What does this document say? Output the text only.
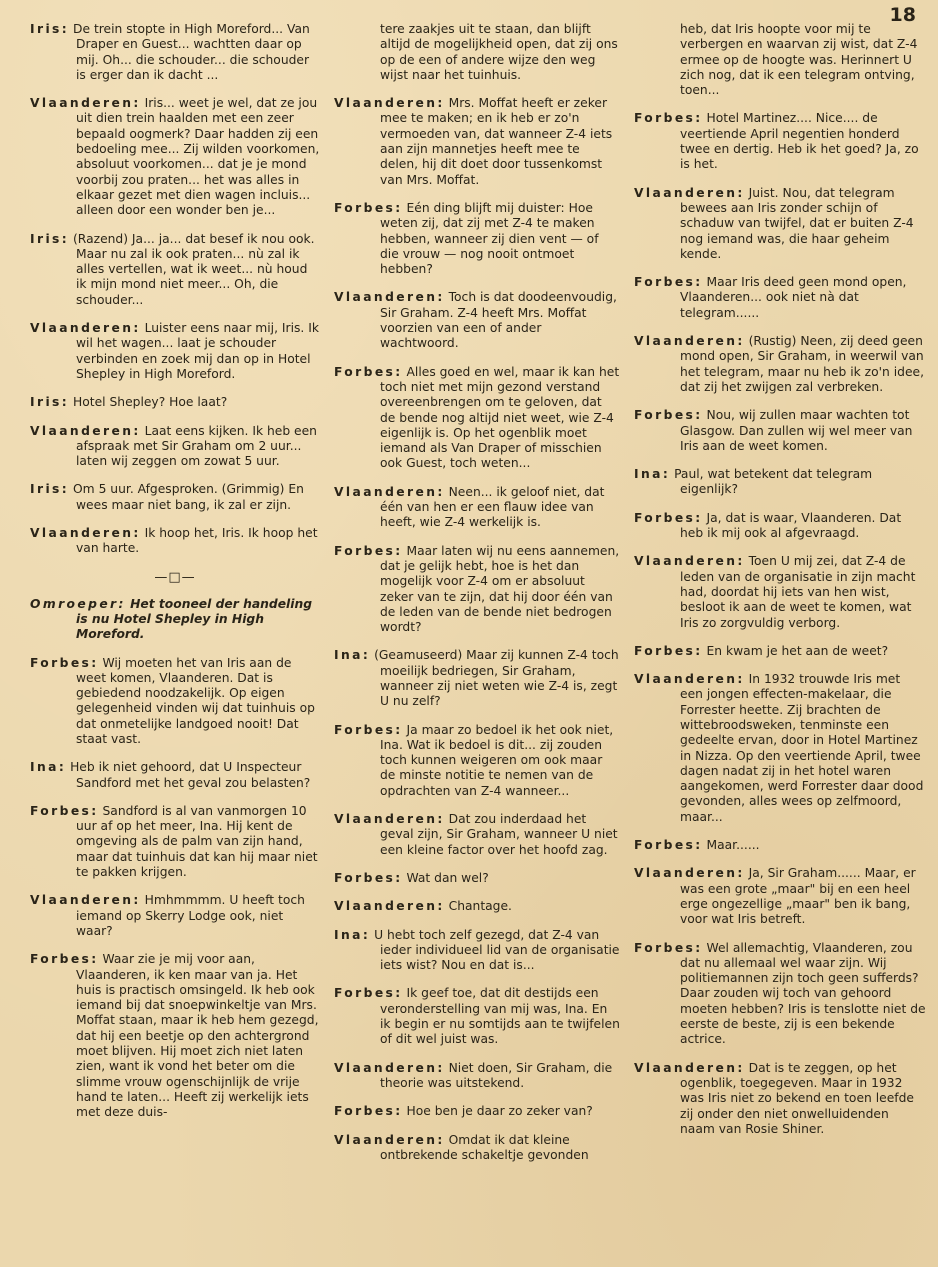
18

Iris: De trein stopte in High Moreford... Van Draper en Guest... wachtten daar op mij. Oh... die schouder... die schouder is erger dan ik dacht ...

Vlaanderen: Iris... weet je wel, dat ze jou uit dien trein haalden met een zeer bepaald oogmerk? Daar hadden zij een bedoeling mee... Zij wilden voorkomen, absoluut voorkomen... dat je je mond voorbij zou praten... het was alles in elkaar gezet met dien wagen incluis... alleen door een wonder ben je...

Iris: (Razend) Ja... ja... dat besef ik nou ook. Maar nu zal ik ook praten... nù zal ik alles vertellen, wat ik weet... nù houd ik mijn mond niet meer... Oh, die schouder...

Vlaanderen: Luister eens naar mij, Iris. Ik wil het wagen... laat je schouder verbinden en zoek mij dan op in Hotel Shepley in High Moreford.

Iris: Hotel Shepley? Hoe laat?

Vlaanderen: Laat eens kijken. Ik heb een afspraak met Sir Graham om 2 uur... laten wij zeggen om zowat 5 uur.

Iris: Om 5 uur. Afgesproken. (Grimmig) En wees maar niet bang, ik zal er zijn.

Vlaanderen: Ik hoop het, Iris. Ik hoop het van harte.

—□—

Omroeper: Het tooneel der handeling is nu Hotel Shepley in High Moreford.

Forbes: Wij moeten het van Iris aan de weet komen, Vlaanderen. Dat is gebiedend noodzakelijk. Op eigen gelegenheid vinden wij dat tuinhuis op dat onmetelijke landgoed nooit! Dat staat vast.

Ina: Heb ik niet gehoord, dat U Inspecteur Sandford met het geval zou belasten?

Forbes: Sandford is al van vanmorgen 10 uur af op het meer, Ina. Hij kent de omgeving als de palm van zijn hand, maar dat tuinhuis dat kan hij maar niet te pakken krijgen.

Vlaanderen: Hmhmmmm. U heeft toch iemand op Skerry Lodge ook, niet waar?

Forbes: Waar zie je mij voor aan, Vlaanderen, ik ken maar van ja. Het huis is practisch omsingeld. Ik heb ook iemand bij dat snoepwinkeltje van Mrs. Moffat staan, maar ik heb hem gezegd, dat hij een beetje op den achtergrond moet blijven. Hij moet zich niet laten zien, want ik vond het beter om die slimme vrouw ogenschijnlijk de vrije hand te laten... Heeft zij werkelijk iets met deze duis-

tere zaakjes uit te staan, dan blijft altijd de mogelijkheid open, dat zij ons op de een of andere wijze den weg wijst naar het tuinhuis.

Vlaanderen: Mrs. Moffat heeft er zeker mee te maken; en ik heb er zo'n vermoeden van, dat wanneer Z-4 iets aan zijn mannetjes heeft mee te delen, hij dit doet door tussenkomst van Mrs. Moffat.

Forbes: Eén ding blijft mij duister: Hoe weten zij, dat zij met Z-4 te maken hebben, wanneer zij dien vent — of die vrouw — nog nooit ontmoet hebben?

Vlaanderen: Toch is dat doodeenvoudig, Sir Graham. Z-4 heeft Mrs. Moffat voorzien van een of ander wachtwoord.

Forbes: Alles goed en wel, maar ik kan het toch niet met mijn gezond verstand overeenbrengen om te geloven, dat de bende nog altijd niet weet, wie Z-4 eigenlijk is. Op het ogenblik moet iemand als Van Draper of misschien ook Guest, toch weten...

Vlaanderen: Neen... ik geloof niet, dat één van hen er een flauw idee van heeft, wie Z-4 werkelijk is.

Forbes: Maar laten wij nu eens aannemen, dat je gelijk hebt, hoe is het dan mogelijk voor Z-4 om er absoluut zeker van te zijn, dat hij door één van de leden van de bende niet bedrogen wordt?

Ina: (Geamuseerd) Maar zij kunnen Z-4 toch moeilijk bedriegen, Sir Graham, wanneer zij niet weten wie Z-4 is, zegt U nu zelf?

Forbes: Ja maar zo bedoel ik het ook niet, Ina. Wat ik bedoel is dit... zij zouden toch kunnen weigeren om ook maar de minste notitie te nemen van de opdrachten van Z-4 wanneer...

Vlaanderen: Dat zou inderdaad het geval zijn, Sir Graham, wanneer U niet een kleine factor over het hoofd zag.

Forbes: Wat dan wel?

Vlaanderen: Chantage.

Ina: U hebt toch zelf gezegd, dat Z-4 van ieder individueel lid van de organisatie iets wist? Nou en dat is...

Forbes: Ik geef toe, dat dit destijds een veronderstelling van mij was, Ina. En ik begin er nu somtijds aan te twijfelen of dit wel juist was.

Vlaanderen: Niet doen, Sir Graham, die theorie was uitstekend.

Forbes: Hoe ben je daar zo zeker van?

Vlaanderen: Omdat ik dat kleine ontbrekende schakeltje gevonden

heb, dat Iris hoopte voor mij te verbergen en waarvan zij wist, dat Z-4 ermee op de hoogte was. Herinnert U zich nog, dat ik een telegram ontving, toen...

Forbes: Hotel Martinez.... Nice.... de veertiende April negentien honderd twee en dertig. Heb ik het goed? Ja, zo is het.

Vlaanderen: Juist. Nou, dat telegram bewees aan Iris zonder schijn of schaduw van twijfel, dat er buiten Z-4 nog iemand was, die haar geheim kende.

Forbes: Maar Iris deed geen mond open, Vlaanderen... ook niet nà dat telegram......

Vlaanderen: (Rustig) Neen, zij deed geen mond open, Sir Graham, in weerwil van het telegram, maar nu heb ik zo'n idee, dat zij het zwijgen zal verbreken.

Forbes: Nou, wij zullen maar wachten tot Glasgow. Dan zullen wij wel meer van Iris aan de weet komen.

Ina: Paul, wat betekent dat telegram eigenlijk?

Forbes: Ja, dat is waar, Vlaanderen. Dat heb ik mij ook al afgevraagd.

Vlaanderen: Toen U mij zei, dat Z-4 de leden van de organisatie in zijn macht had, doordat hij iets van hen wist, besloot ik aan de weet te komen, wat Iris zo zorgvuldig verborg.

Forbes: En kwam je het aan de weet?

Vlaanderen: In 1932 trouwde Iris met een jongen effecten-makelaar, die Forrester heette. Zij brachten de wittebroodsweken, tenminste een gedeelte ervan, door in Hotel Martinez in Nizza. Op den veertiende April, twee dagen nadat zij in het hotel waren aangekomen, werd Forrester daar dood gevonden, alles wees op zelfmoord, maar...

Forbes: Maar......

Vlaanderen: Ja, Sir Graham...... Maar, er was een grote „maar" bij en een heel erge ongezellige „maar" ben ik bang, voor wat Iris betreft.

Forbes: Wel allemachtig, Vlaanderen, zou dat nu allemaal wel waar zijn. Wij politiemannen zijn toch geen sufferds? Daar zouden wij toch van gehoord moeten hebben? Iris is tenslotte niet de eerste de beste, zij is een bekende actrice.

Vlaanderen: Dat is te zeggen, op het ogenblik, toegegeven. Maar in 1932 was Iris niet zo bekend en toen leefde zij onder den niet onwelluidenden naam van Rosie Shiner.
